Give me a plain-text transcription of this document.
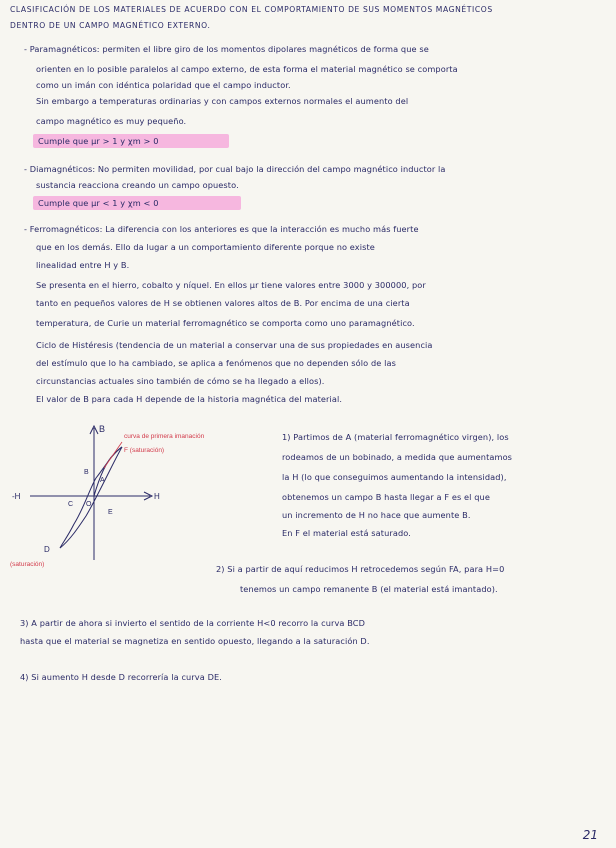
CLASIFICACIÓN DE LOS MATERIALES DE ACUERDO CON EL COMPORTAMIENTO DE SUS MOMENTOS MAGNÉTICOS
DENTRO DE UN CAMPO MAGNÉTICO EXTERNO.
- Paramagnéticos: permiten el libre giro de los momentos dipolares magnéticos de forma que se
orienten en lo posible paralelos al campo externo, de esta forma el material magnético se comporta
como un imán con idéntica polaridad que el campo inductor.
Sin embargo a temperaturas ordinarias y con campos externos normales el aumento del
campo magnético es muy pequeño.
Cumple que μr > 1 y χm > 0
- Diamagnéticos: No permiten movilidad, por cual bajo la dirección del campo magnético inductor la
sustancia reacciona creando un campo opuesto.
Cumple que μr < 1 y χm < 0
- Ferromagnéticos: La diferencia con los anteriores es que la interacción es mucho más fuerte
que en los demás. Ello da lugar a un comportamiento diferente porque no existe
linealidad entre H y B.
Se presenta en el hierro, cobalto y níquel. En ellos μr tiene valores entre 3000 y 300000, por
tanto en pequeños valores de H se obtienen valores altos de B. Por encima de una cierta
temperatura, de Curie un material ferromagnético se comporta como uno paramagnético.
Ciclo de Histéresis (tendencia de un material a conservar una de sus propiedades en ausencia
del estímulo que lo ha cambiado, se aplica a fenómenos que no dependen sólo de las
circunstancias actuales sino también de cómo se ha llegado a ellos).
El valor de B para cada H depende de la historia magnética del material.
B
H
-H
curva de primera imanación
F (saturación)
B
A
C
E
O
D
(saturación)
1) Partimos de A (material ferromagnético virgen), los
rodeamos de un bobinado, a medida que aumentamos
la H (lo que conseguimos aumentando la intensidad),
obtenemos un campo B hasta llegar a F es el que
un incremento de H no hace que aumente B.
En F el material está saturado.
2) Si a partir de aquí reducimos H retrocedemos según FA, para H=0
tenemos un campo remanente B (el material está imantado).
3) A partir de ahora si invierto el sentido de la corriente H<0 recorro la curva BCD
hasta que el material se magnetiza en sentido opuesto, llegando a la saturación D.
4) Si aumento H desde D recorrería la curva DE.
21
